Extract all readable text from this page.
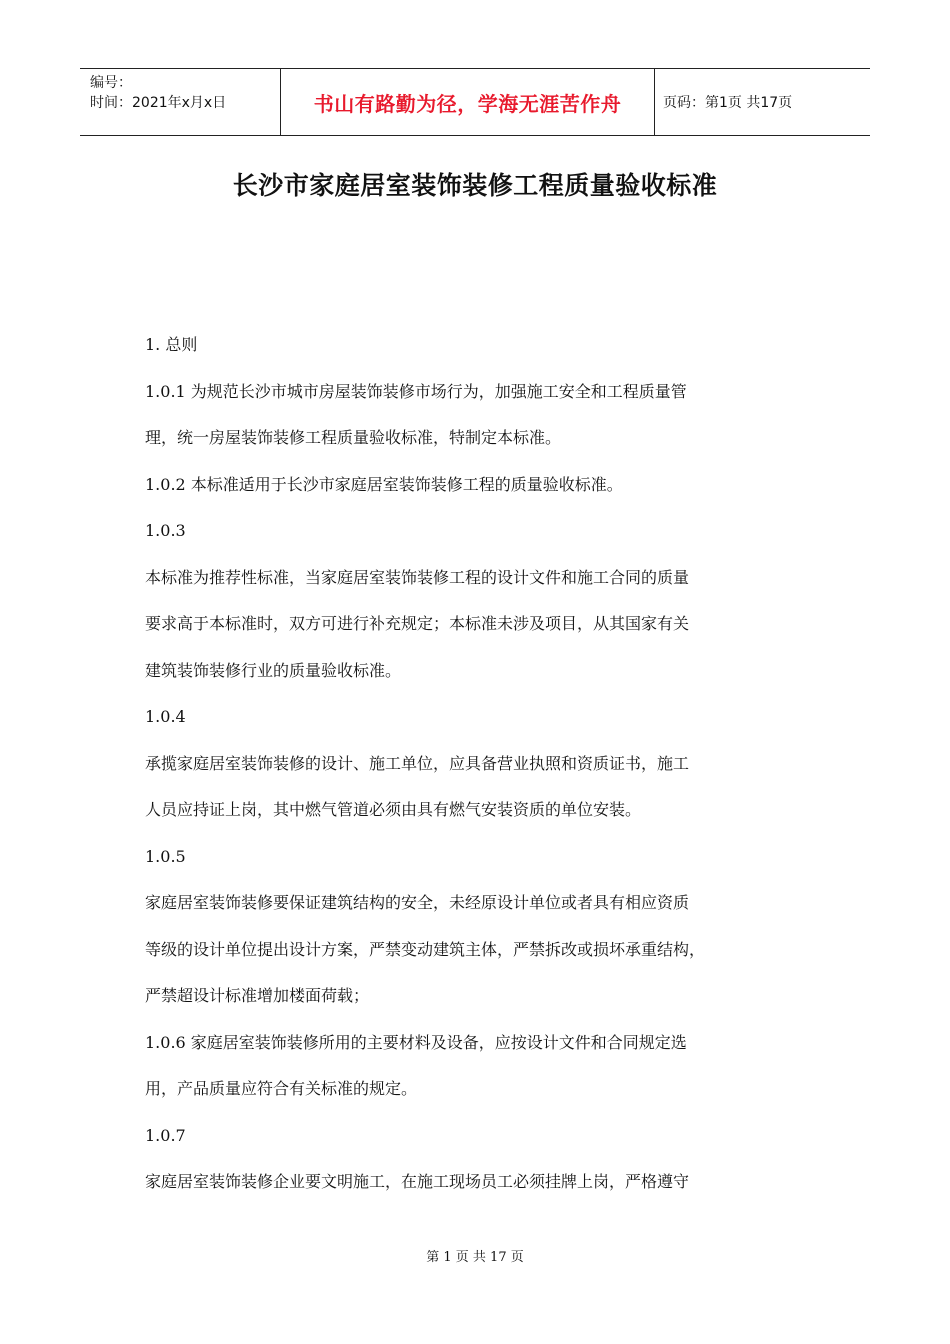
编号：
时间：2021年x月x日	书山有路勤为径，学海无涯苦作舟	页码：第1页 共17页
长沙市家庭居室装饰装修工程质量验收标准

1. 总则

1.0.1 为规范长沙市城市房屋装饰装修市场行为，加强施工安全和工程质量管

理，统一房屋装饰装修工程质量验收标准，特制定本标准。

1.0.2 本标准适用于长沙市家庭居室装饰装修工程的质量验收标准。

1.0.3

本标准为推荐性标准，当家庭居室装饰装修工程的设计文件和施工合同的质量

要求高于本标准时，双方可进行补充规定；本标准未涉及项目，从其国家有关

建筑装饰装修行业的质量验收标准。

1.0.4

承揽家庭居室装饰装修的设计、施工单位，应具备营业执照和资质证书，施工

人员应持证上岗，其中燃气管道必须由具有燃气安装资质的单位安装。

1.0.5

家庭居室装饰装修要保证建筑结构的安全，未经原设计单位或者具有相应资质

等级的设计单位提出设计方案，严禁变动建筑主体，严禁拆改或损坏承重结构，

严禁超设计标准增加楼面荷载；

1.0.6 家庭居室装饰装修所用的主要材料及设备，应按设计文件和合同规定选

用，产品质量应符合有关标准的规定。

1.0.7

家庭居室装饰装修企业要文明施工，在施工现场员工必须挂牌上岗，严格遵守

第 1 页 共 17 页
